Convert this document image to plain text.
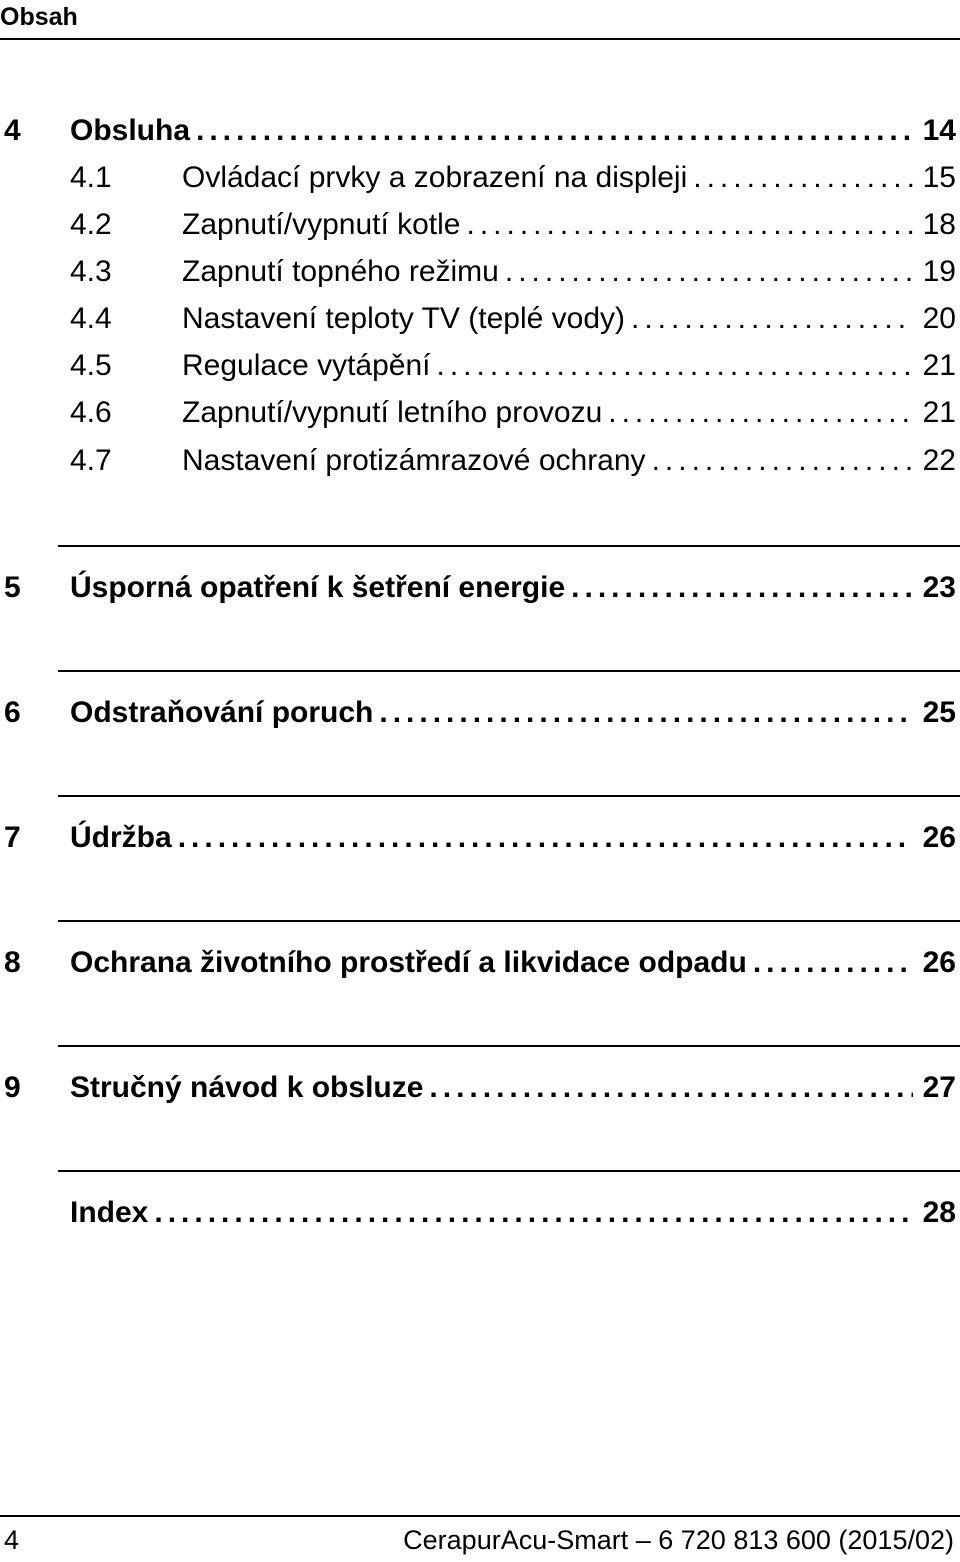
Obsah
4 Obsluha .....	14
4.1 Ovládací prvky a zobrazení na displeji .....	15
4.2 Zapnutí/vypnutí kotle .....	18
4.3 Zapnutí topného režimu .....	19
4.4 Nastavení teploty TV (teplé vody) .....	20
4.5 Regulace vytápění .....	21
4.6 Zapnutí/vypnutí letního provozu .....	21
4.7 Nastavení protizámrazové ochrany .....	22
5 Úsporná opatření k šetření energie .....	23
6 Odstraňování poruch .....	25
7 Údržba .....	26
8 Ochrana životního prostředí a likvidace odpadu .....	26
9 Stručný návod k obsluze .....	27
Index .....	28
4	CerapurAcu-Smart – 6 720 813 600 (2015/02)
